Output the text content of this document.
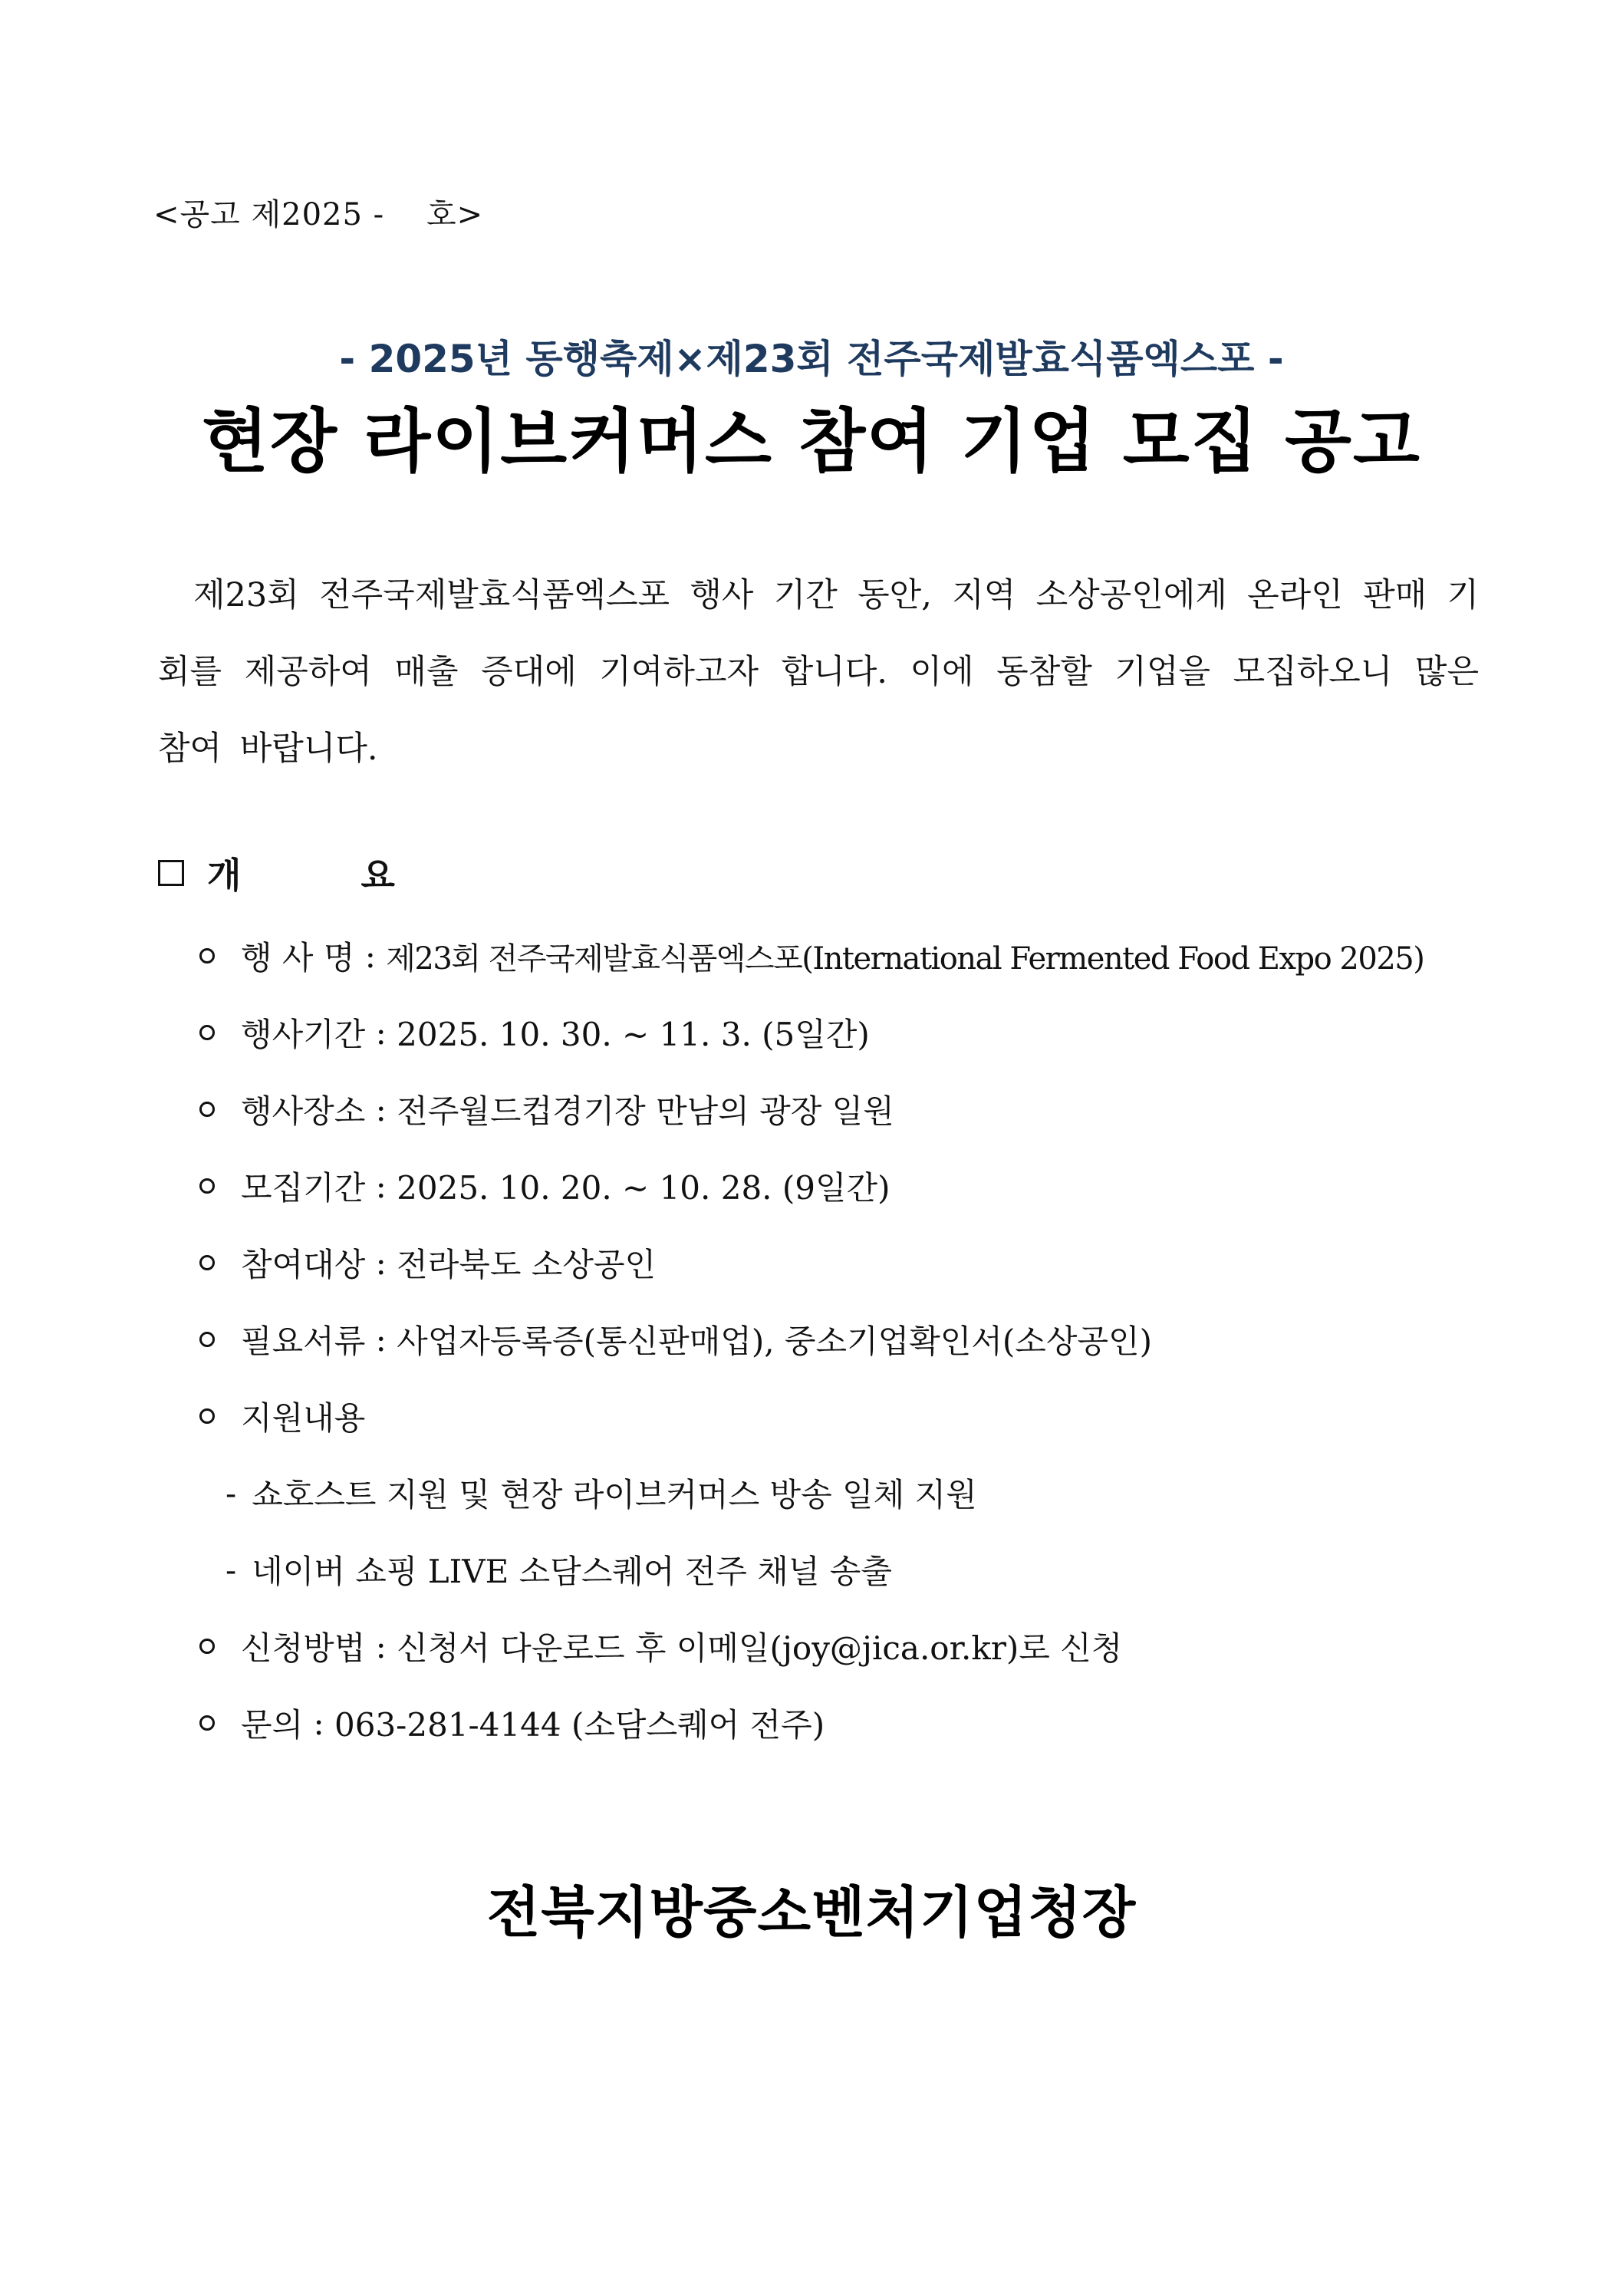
<공고 제2025 -    호>
- 2025년 동행축제×제23회 전주국제발효식품엑스포 -
현장 라이브커머스 참여 기업 모집 공고

제23회 전주국제발효식품엑스포 행사 기간 동안, 지역 소상공인에게 온라인 판매 기회를 제공하여 매출 증대에 기여하고자 합니다. 이에 동참할 기업을 모집하오니 많은 참여 바랍니다.

개 요
행 사 명 : 제23회 전주국제발효식품엑스포(International Fermented Food Expo 2025)
행사기간 : 2025. 10. 30. ~ 11. 3. (5일간)
행사장소 : 전주월드컵경기장 만남의 광장 일원
모집기간 : 2025. 10. 20. ~ 10. 28. (9일간)
참여대상 : 전라북도 소상공인
필요서류 : 사업자등록증(통신판매업), 중소기업확인서(소상공인)
지원내용
- 쇼호스트 지원 및 현장 라이브커머스 방송 일체 지원
- 네이버 쇼핑 LIVE 소담스퀘어 전주 채널 송출
신청방법 : 신청서 다운로드 후 이메일(joy@jica.or.kr)로 신청
문의 : 063-281-4144 (소담스퀘어 전주)
전북지방중소벤처기업청장
